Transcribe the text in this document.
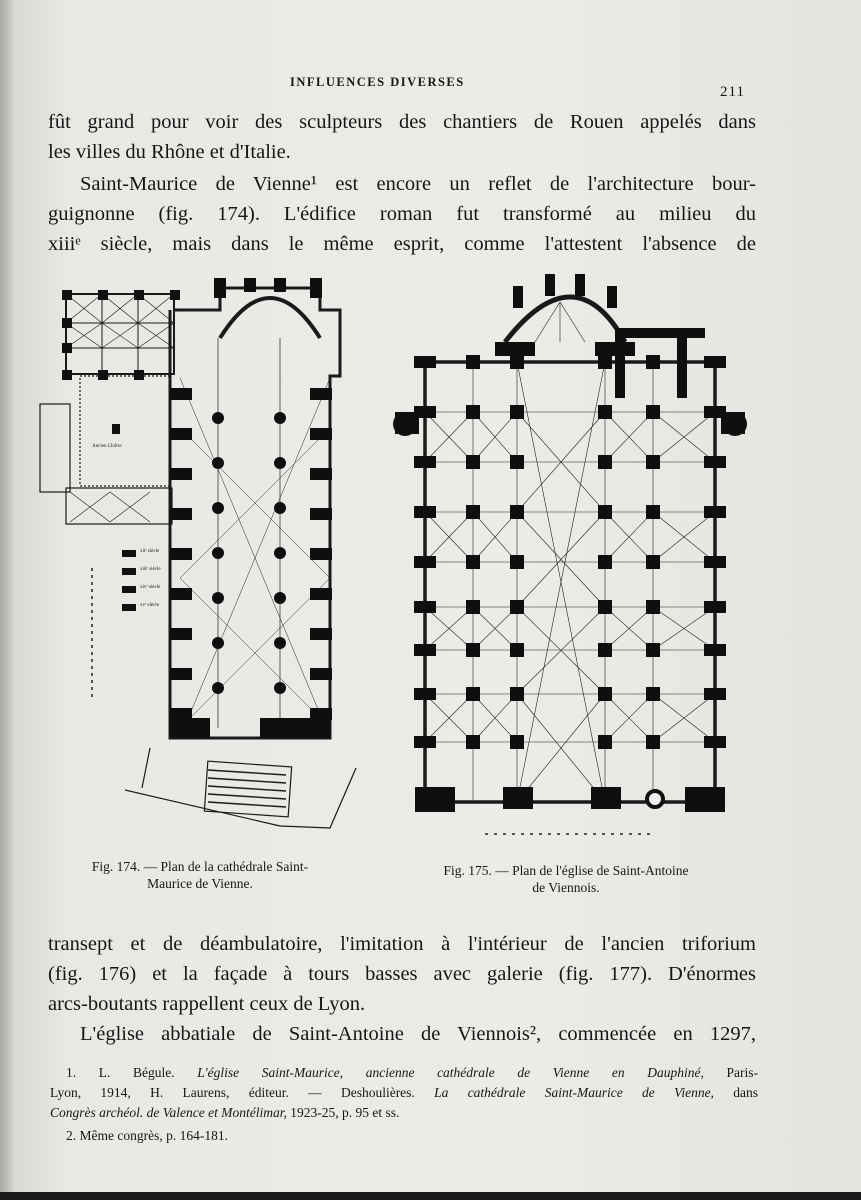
INFLUENCES DIVERSES
211
fût grand pour voir des sculpteurs des chantiers de Rouen appelés dans
les villes du Rhône et d'Italie.
Saint-Maurice de Vienne¹ est encore un reflet de l'architecture bour-
guignonne (fig. 174). L'édifice roman fut transformé au milieu du
xiiiᵉ siècle, mais dans le même esprit, comme l'attestent l'absence de
xiiᵉ siècle
xiiiᵉ siècle
xivᵉ siècle
xvᵉ siècle
Ancien Cloître
Fig. 174. — Plan de la cathédrale Saint-
Maurice de Vienne.
Fig. 175. — Plan de l'église de Saint-Antoine
de Viennois.
transept et de déambulatoire, l'imitation à l'intérieur de l'ancien triforium
(fig. 176) et la façade à tours basses avec galerie (fig. 177). D'énormes
arcs-boutants rappellent ceux de Lyon.
L'église abbatiale de Saint-Antoine de Viennois², commencée en 1297,
1. L. Bégule. L'église Saint-Maurice, ancienne cathédrale de Vienne en Dauphiné, Paris-
Lyon, 1914, H. Laurens, éditeur. — Deshoulières. La cathédrale Saint-Maurice de Vienne, dans
Congrès archéol. de Valence et Montélimar, 1923-25, p. 95 et ss.
2. Même congrès, p. 164-181.
